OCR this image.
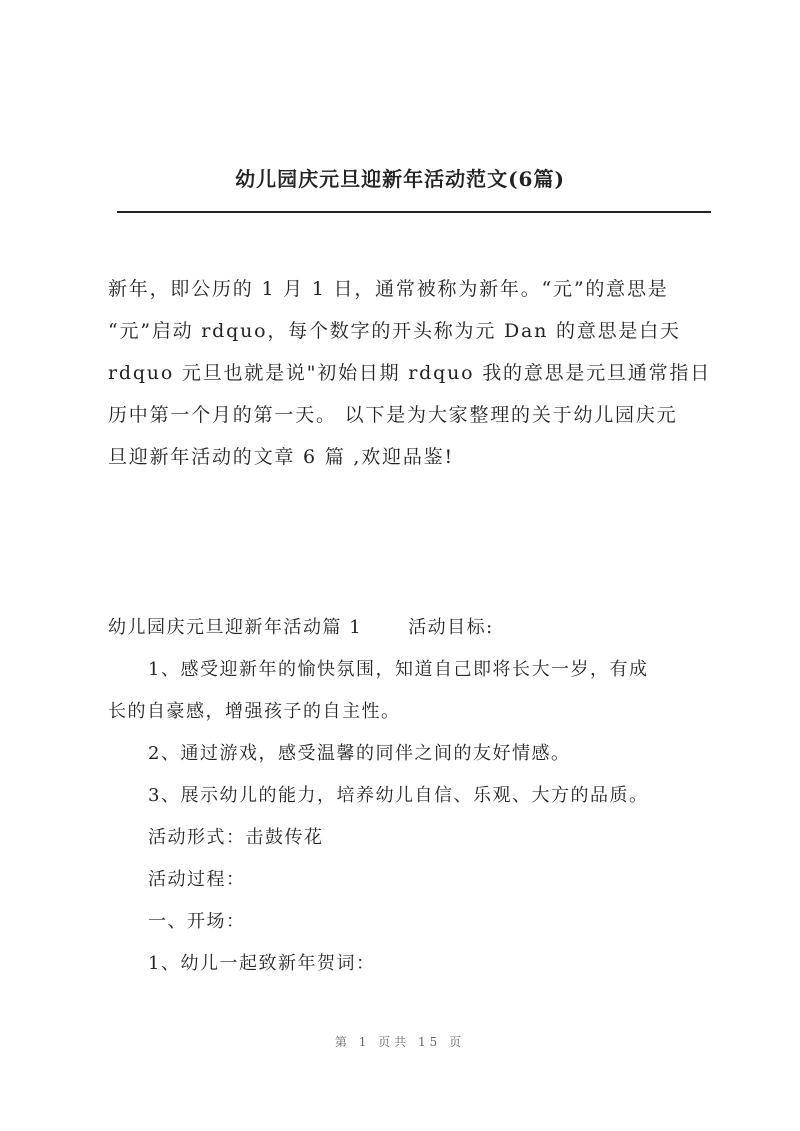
幼儿园庆元旦迎新年活动范文(6篇)

新年，即公历的 1 月 1 日，通常被称为新年。“元”的意思是

“元”启动 rdquo，每个数字的开头称为元 Dan 的意思是白天

rdquo 元旦也就是说"初始日期 rdquo 我的意思是元旦通常指日

历中第一个月的第一天。 以下是为大家整理的关于幼儿园庆元

旦迎新年活动的文章 6 篇 ,欢迎品鉴!

幼儿园庆元旦迎新年活动篇 1	活动目标:

1、感受迎新年的愉快氛围，知道自己即将长大一岁，有成

长的自豪感，增强孩子的自主性。

2、通过游戏，感受温馨的同伴之间的友好情感。

3、展示幼儿的能力，培养幼儿自信、乐观、大方的品质。

活动形式：击鼓传花

活动过程：

一、开场：

1、幼儿一起致新年贺词：

第 1 页共 15 页
